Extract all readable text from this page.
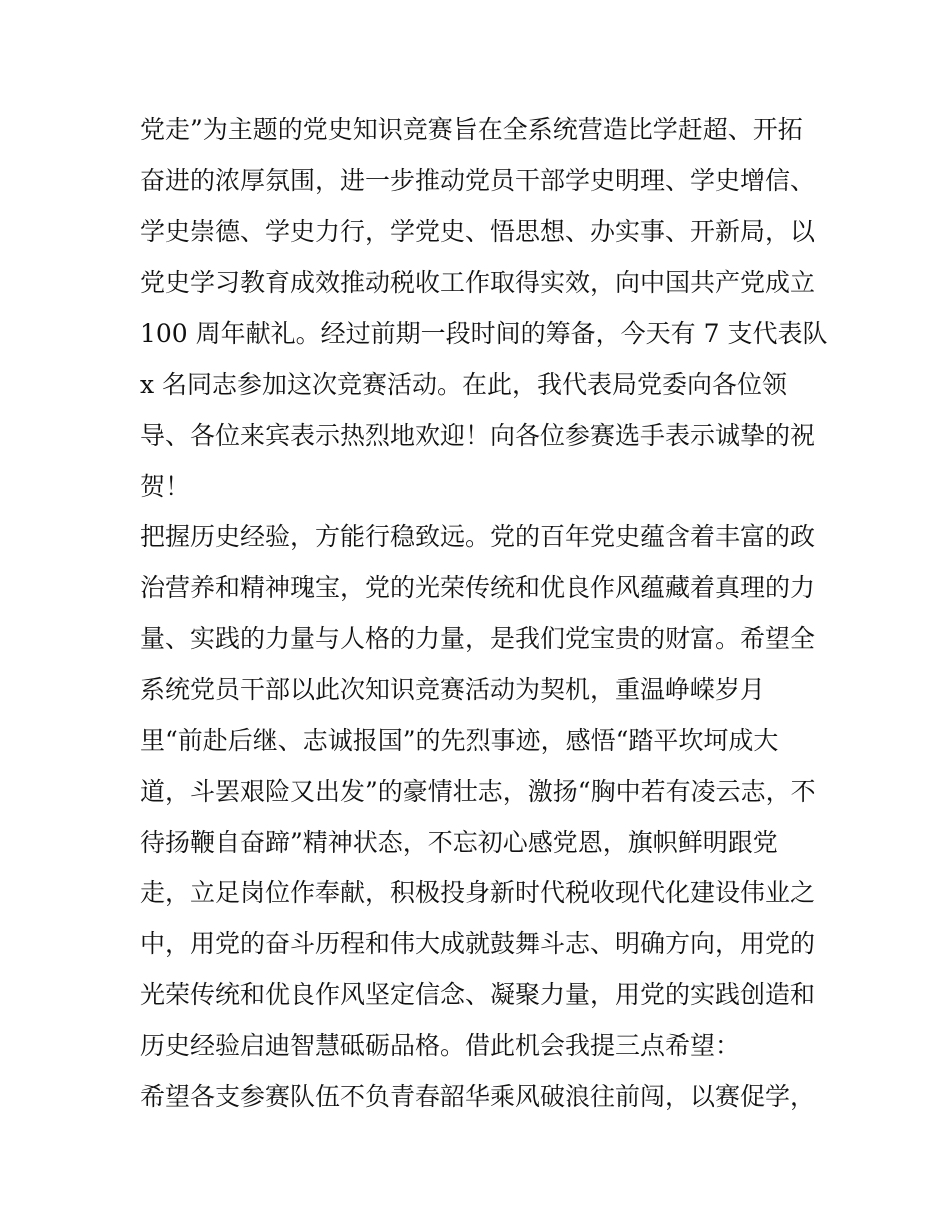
党走”为主题的党史知识竞赛旨在全系统营造比学赶超、开拓
奋进的浓厚氛围，进一步推动党员干部学史明理、学史增信、
学史崇德、学史力行，学党史、悟思想、办实事、开新局，以
党史学习教育成效推动税收工作取得实效，向中国共产党成立
100 周年献礼。经过前期一段时间的筹备，今天有 7 支代表队
x 名同志参加这次竞赛活动。在此，我代表局党委向各位领
导、各位来宾表示热烈地欢迎！向各位参赛选手表示诚挚的祝
贺！
把握历史经验，方能行稳致远。党的百年党史蕴含着丰富的政
治营养和精神瑰宝，党的光荣传统和优良作风蕴藏着真理的力
量、实践的力量与人格的力量，是我们党宝贵的财富。希望全
系统党员干部以此次知识竞赛活动为契机，重温峥嵘岁月
里“前赴后继、志诚报国”的先烈事迹，感悟“踏平坎坷成大
道，斗罢艰险又出发”的豪情壮志，激扬“胸中若有凌云志，不
待扬鞭自奋蹄”精神状态，不忘初心感党恩，旗帜鲜明跟党
走，立足岗位作奉献，积极投身新时代税收现代化建设伟业之
中，用党的奋斗历程和伟大成就鼓舞斗志、明确方向，用党的
光荣传统和优良作风坚定信念、凝聚力量，用党的实践创造和
历史经验启迪智慧砥砺品格。借此机会我提三点希望：
希望各支参赛队伍不负青春韶华乘风破浪往前闯，以赛促学，
